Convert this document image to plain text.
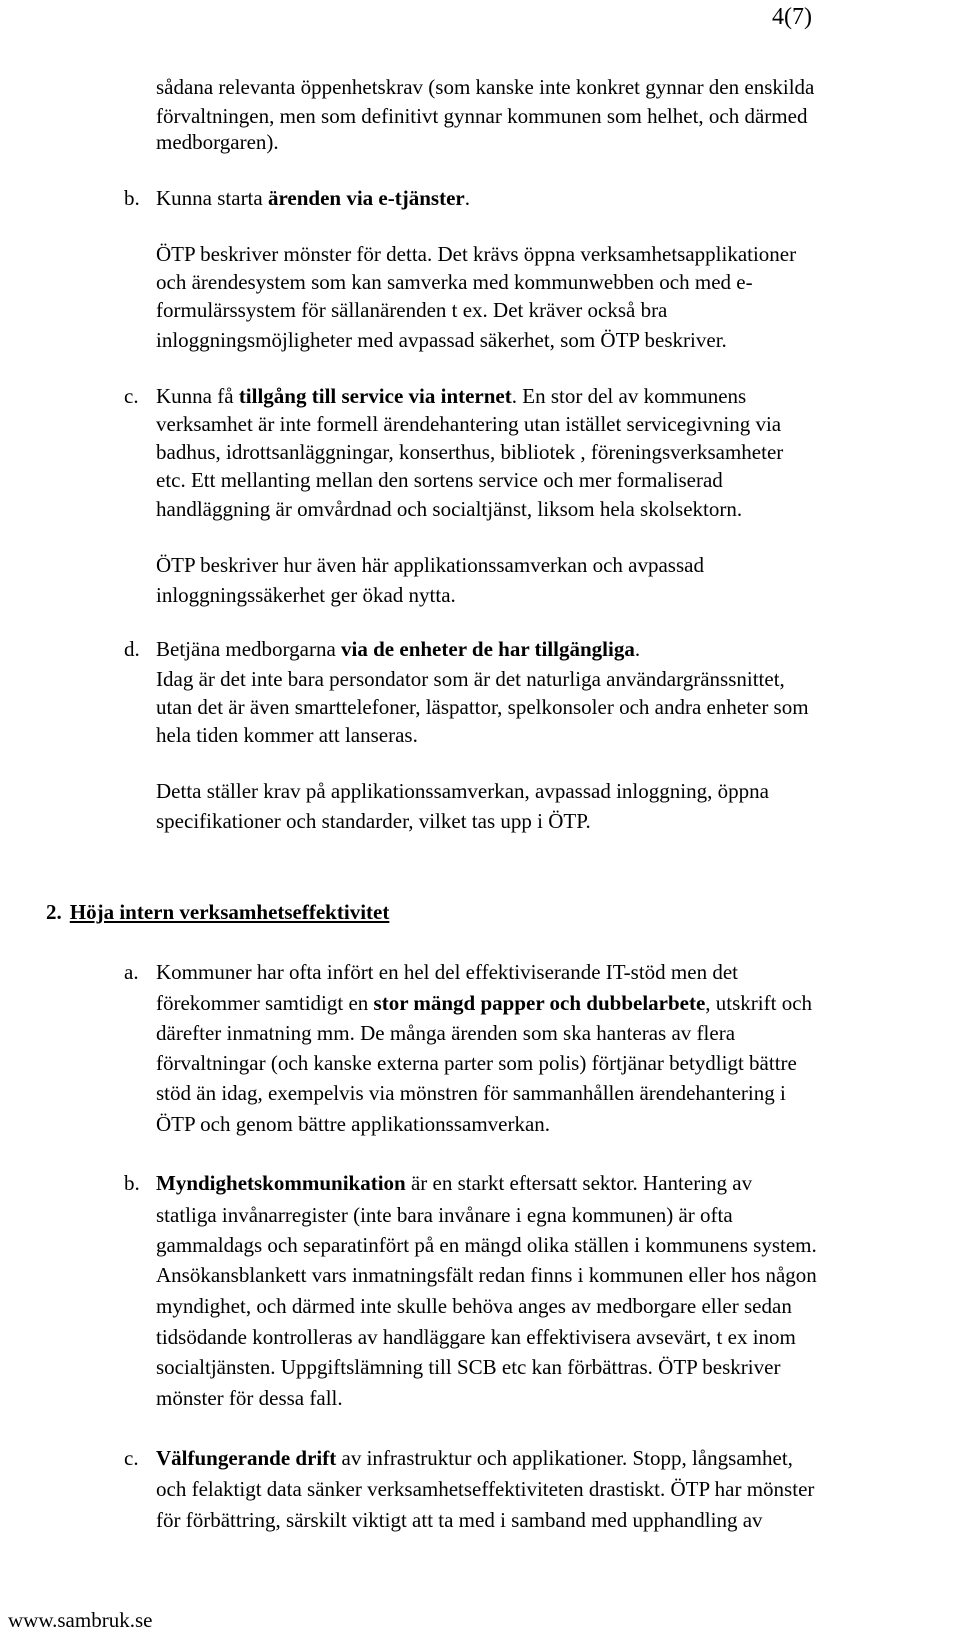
4(7)
sådana relevanta öppenhetskrav (som kanske inte konkret gynnar den enskilda
förvaltningen, men som definitivt gynnar kommunen som helhet, och därmed
medborgaren).
b. Kunna starta ärenden via e-tjänster.
ÖTP beskriver mönster för detta. Det krävs öppna verksamhetsapplikationer
och ärendesystem som kan samverka med kommunwebben och med e-
formulärssystem för sällanärenden t ex. Det kräver också bra
inloggningsmöjligheter med avpassad säkerhet, som ÖTP beskriver.
c. Kunna få tillgång till service via internet. En stor del av kommunens
verksamhet är inte formell ärendehantering utan istället servicegivning via
badhus, idrottsanläggningar, konserthus, bibliotek , föreningsverksamheter
etc. Ett mellanting mellan den sortens service och mer formaliserad
handläggning är omvårdnad och socialtjänst, liksom hela skolsektorn.
ÖTP beskriver hur även här applikationssamverkan och avpassad
inloggningssäkerhet ger ökad nytta.
d. Betjäna medborgarna via de enheter de har tillgängliga.
Idag är det inte bara persondator som är det naturliga användargränssnittet,
utan det är även smarttelefoner, läspattor, spelkonsoler och andra enheter som
hela tiden kommer att lanseras.
Detta ställer krav på applikationssamverkan, avpassad inloggning, öppna
specifikationer och standarder, vilket tas upp i ÖTP.
2. Höja intern verksamhetseffektivitet
a. Kommuner har ofta infört en hel del effektiviserande IT-stöd men det
förekommer samtidigt en stor mängd papper och dubbelarbete, utskrift och
därefter inmatning mm. De många ärenden som ska hanteras av flera
förvaltningar (och kanske externa parter som polis) förtjänar betydligt bättre
stöd än idag, exempelvis via mönstren för sammanhållen ärendehantering i
ÖTP och genom bättre applikationssamverkan.
b. Myndighetskommunikation är en starkt eftersatt sektor. Hantering av
statliga invånarregister (inte bara invånare i egna kommunen) är ofta
gammaldags och separatinfört på en mängd olika ställen i kommunens system.
Ansökansblankett vars inmatningsfält redan finns i kommunen eller hos någon
myndighet, och därmed inte skulle behöva anges av medborgare eller sedan
tidsödande kontrolleras av handläggare kan effektivisera avsevärt, t ex inom
socialtjänsten. Uppgiftslämning till SCB etc kan förbättras. ÖTP beskriver
mönster för dessa fall.
c. Välfungerande drift av infrastruktur och applikationer. Stopp, långsamhet,
och felaktigt data sänker verksamhetseffektiviteten drastiskt. ÖTP har mönster
för förbättring, särskilt viktigt att ta med i samband med upphandling av
www.sambruk.se
